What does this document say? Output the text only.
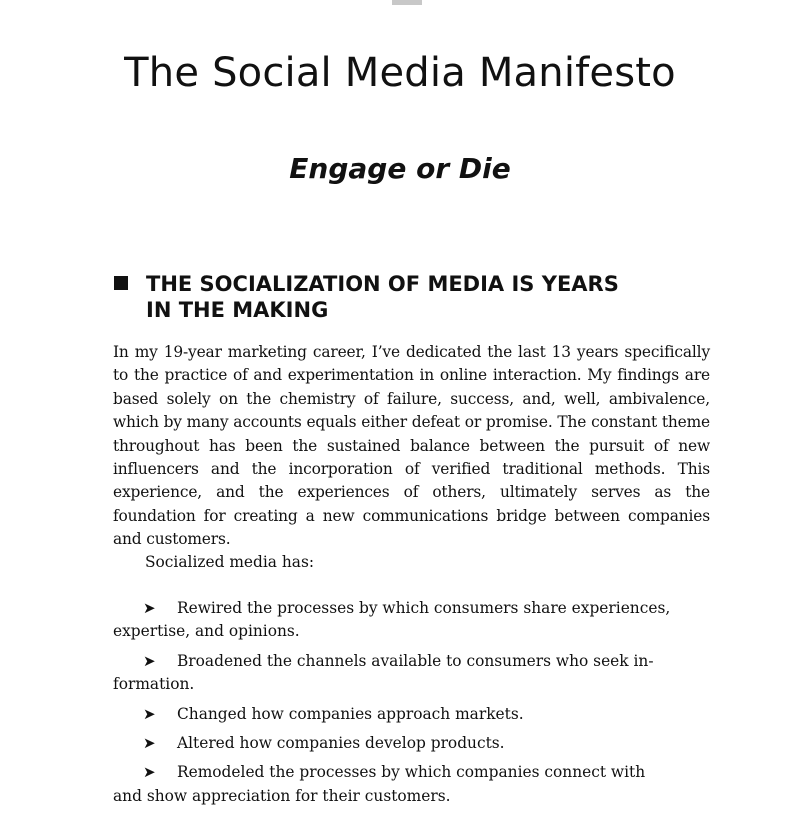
The Social Media Manifesto
Engage or Die
THE SOCIALIZATION OF MEDIA IS YEARS
IN THE MAKING

In my 19-year marketing career, I’ve dedicated the last 13 years specifically to the practice of and experimentation in online interaction. My findings are based solely on the chemistry of failure, success, and, well, ambivalence, which by many accounts equals either defeat or promise. The constant theme throughout has been the sustained balance between the pursuit of new influencers and the incorporation of verified traditional methods. This experience, and the experiences of others, ultimately serves as the foundation for creating a new communications bridge between companies and customers.

Socialized media has:

➤ Rewired the processes by which consumers share experiences,
expertise, and opinions.
➤ Broadened the channels available to consumers who seek in-
formation.
➤ Changed how companies approach markets.
➤ Altered how companies develop products.
➤ Remodeled the processes by which companies connect with
and show appreciation for their customers.
